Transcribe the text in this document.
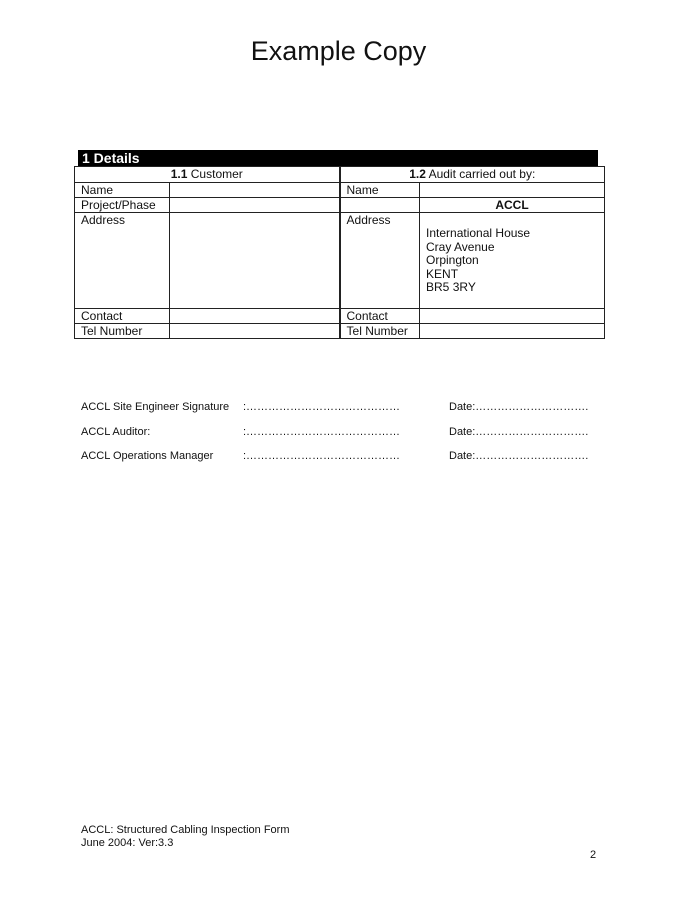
Example Copy
1 Details
1.1 Customer		1.2 Audit carried out by:	
Name		Name	
Project/Phase			ACCL
Address		Address	International House
Cray Avenue
Orpington
KENT
BR5 3RY

Contact		Contact	
Tel Number		Tel Number	
ACCL Site Engineer Signature :……………………………………	Date:………………………….
ACCL Auditor:	:……………………………………	Date:………………………….
ACCL Operations Manager	:……………………………………	Date:………………………….
ACCL: Structured Cabling Inspection Form
June 2004: Ver:3.3
2
